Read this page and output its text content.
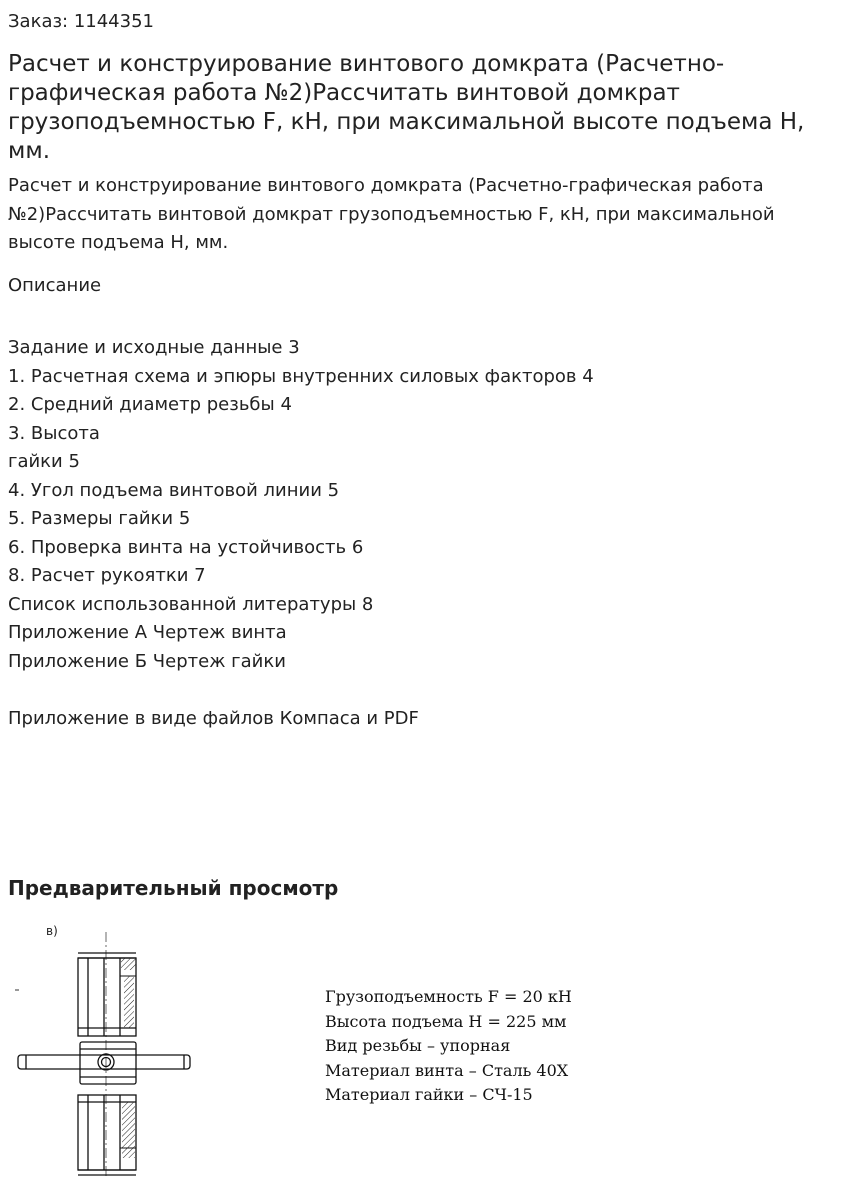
Заказ: 1144351
Расчет и конструирование винтового домкрата (Расчетно-графическая работа №2)Рассчитать винтовой домкрат грузоподъемностью F, кН, при максимальной высоте подъема H, мм.

Расчет и конструирование винтового домкрата (Расчетно-графическая работа №2)Рассчитать винтовой домкрат грузоподъемностью F, кН, при максимальной высоте подъема H, мм.

Описание
Задание и исходные данные 3
1. Расчетная схема и эпюры внутренних силовых факторов 4
2. Средний диаметр резьбы 4
3. Высота
гайки 5
4. Угол подъема винтовой линии 5
5. Размеры гайки 5
6. Проверка винта на устойчивость 6
8. Расчет рукоятки 7
Список использованной литературы 8
Приложение А Чертеж винта
Приложение Б Чертеж гайки
Приложение в виде файлов Компаса и PDF
Предварительный просмотр
в)
Грузоподъемность F = 20 кН
Высота подъема H = 225 мм
Вид резьбы – упорная
Материал винта – Сталь 40Х
Материал гайки – СЧ-15
